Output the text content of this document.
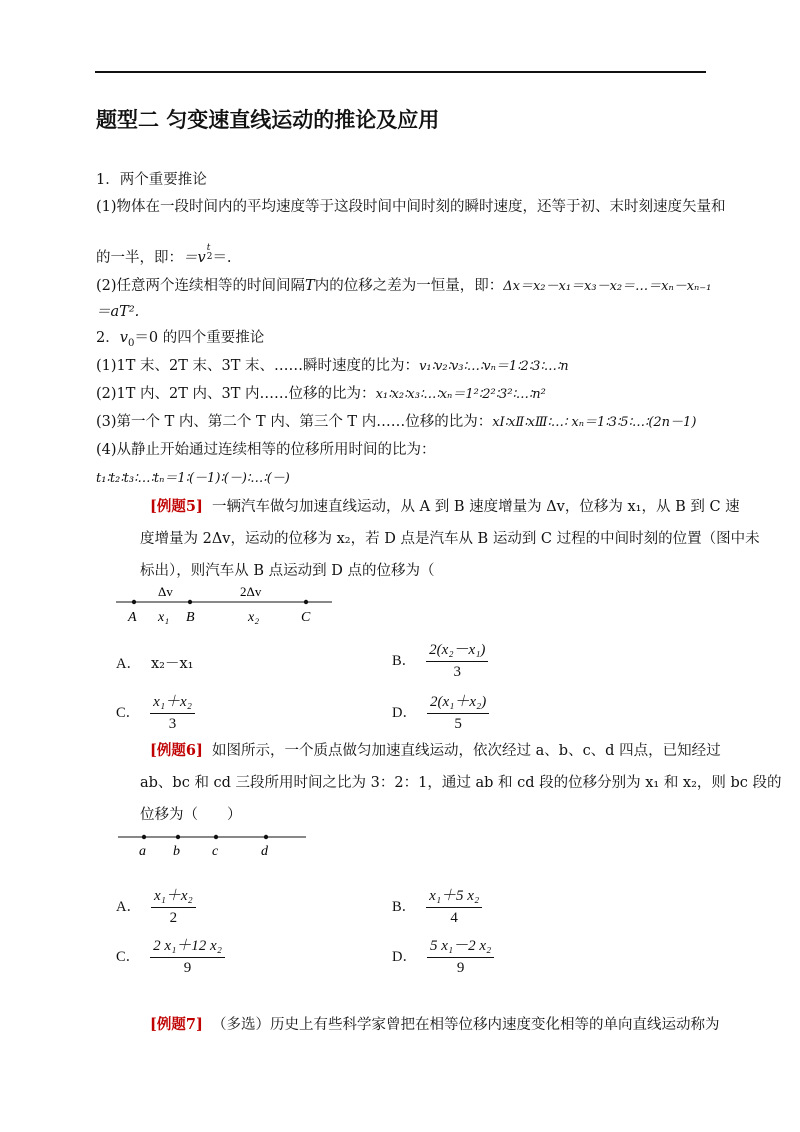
题型二 匀变速直线运动的推论及应用
1．两个重要推论
(1)物体在一段时间内的平均速度等于这段时间中间时刻的瞬时速度，还等于初、末时刻速度矢量和
的一半，即：＝v
t
2 ＝.
(2)任意两个连续相等的时间间隔T内的位移之差为一恒量，即：Δx＝x₂－x₁＝x₃－x₂＝…＝xₙ－xₙ₋₁
＝aT².
2．$v_0=0$ 的四个重要推论
(1)1T 末、2T 末、3T 末、……瞬时速度的比为：v₁∶v₂∶v₃∶…∶vₙ＝1∶2∶3∶…∶n
(2)1T 内、2T 内、3T 内……位移的比为：x₁∶x₂∶x₃∶…∶xₙ＝1²∶2²∶3²∶…∶n²
(3)第一个 T 内、第二个 T 内、第三个 T 内……位移的比为：xⅠ∶xⅡ∶xⅢ∶…∶ xₙ＝1∶3∶5∶…∶(2n－1)
(4)从静止开始通过连续相等的位移所用时间的比为：
t₁∶t₂∶t₃∶…∶tₙ＝1∶(－1)∶(－)∶…∶(－)
[例题5] 一辆汽车做匀加速直线运动，从 A 到 B 速度增量为 Δv，位移为 x₁，从 B 到 C 速
度增量为 2Δv，运动的位移为 x₂，若 D 点是汽车从 B 运动到 C 过程的中间时刻的位置（图中未
标出），则汽车从 B 点运动到 D 点的位移为（
Δv	2Δv
A	B	C
x₁	x₂
A． x₂－x₁	B． $\frac{\text{2(x₂－x₁)}}{3}$
C． $\frac{\text{x₁＋x₂}}{3}$	D． $\frac{\text{2(x₁＋x₂)}}{5}$
[例题6] 如图所示，一个质点做匀加速直线运动，依次经过 a、b、c、d 四点，已知经过
ab、bc 和 cd 三段所用时间之比为 3：2：1，通过 ab 和 cd 段的位移分别为 x₁ 和 x₂，则 bc 段的
位移为（　　）
a b c	d
A． $\frac{\text{x₁＋x₂}}{2}$	B． $\frac{\text{x₁＋5 x₂}}{4}$
C． $\frac{\text{2 x₁＋12 x₂}}{9}$	D． $\frac{\text{5 x₁－2 x₂}}{9}$
[例题7] （多选）历史上有些科学家曾把在相等位移内速度变化相等的单向直线运动称为
